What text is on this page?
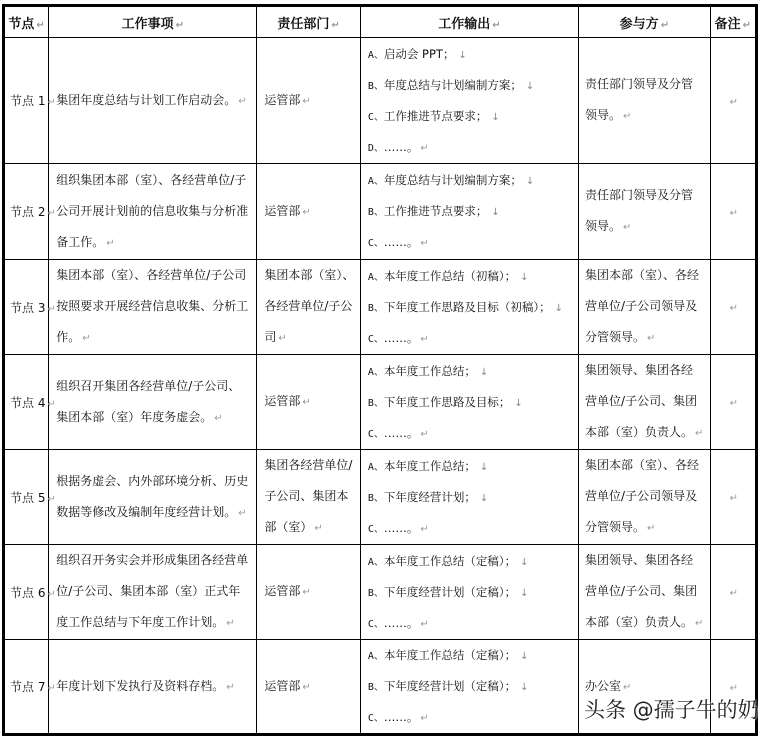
节点 ↵	工作事项 ↵	责任部门 ↵	工作输出 ↵	参与方 ↵	备注 ↵
节点 1 ↵	集团年度总结与计划工作启动会。 ↵	运管部 ↵	A、启动会 PPT； ↓
B、年度总结与计划编制方案； ↓
C、工作推进节点要求； ↓
D、……。 ↵	责任部门领导及分管领导。 ↵	↵
节点 2 ↵	组织集团本部（室）、各经营单位/子公司开展计划前的信息收集与分析准备工作。 ↵	运管部 ↵	A、年度总结与计划编制方案； ↓
B、工作推进节点要求； ↓
C、……。 ↵	责任部门领导及分管领导。 ↵	↵
节点 3 ↵	集团本部（室）、各经营单位/子公司按照要求开展经营信息收集、分析工作。 ↵	集团本部（室）、各经营单位/子公司 ↵	A、本年度工作总结（初稿）； ↓
B、下年度工作思路及目标（初稿）； ↓
C、……。 ↵	集团本部（室）、各经营单位/子公司领导及分管领导。 ↵	↵
节点 4 ↵	组织召开集团各经营单位/子公司、集团本部（室）年度务虚会。 ↵	运管部 ↵	A、本年度工作总结； ↓
B、下年度工作思路及目标； ↓
C、……。 ↵	集团领导、集团各经营单位/子公司、集团本部（室）负责人。 ↵	↵
节点 5 ↵	根据务虚会、内外部环境分析、历史数据等修改及编制年度经营计划。 ↵	集团各经营单位/子公司、集团本部（室） ↵	A、本年度工作总结； ↓
B、下年度经营计划； ↓
C、……。 ↵	集团本部（室）、各经营单位/子公司领导及分管领导。 ↵	↵
节点 6 ↵	组织召开务实会并形成集团各经营单位/子公司、集团本部（室）正式年度工作总结与下年度工作计划。 ↵	运管部 ↵	A、本年度工作总结（定稿）； ↓
B、下年度经营计划（定稿）； ↓
C、……。 ↵	集团领导、集团各经营单位/子公司、集团本部（室）负责人。 ↵	↵
节点 7 ↵	年度计划下发执行及资料存档。 ↵	运管部 ↵	A、本年度工作总结（定稿）； ↓
B、下年度经营计划（定稿）； ↓
C、……。 ↵	办公室 ↵	↵
头条 @孺子牛的奶
